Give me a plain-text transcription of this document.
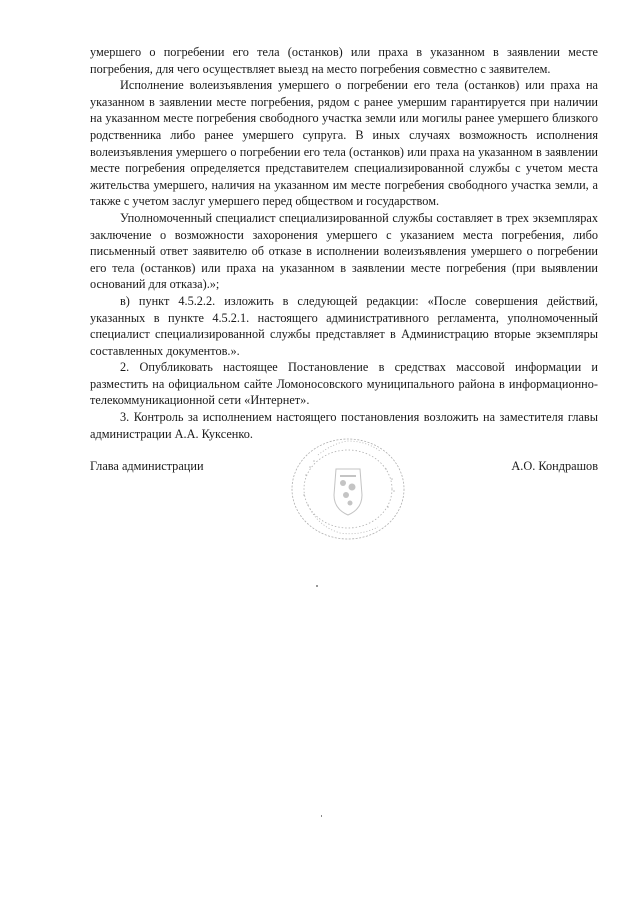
умершего о погребении его тела (останков) или праха в указанном в заявлении месте погребения, для чего осуществляет выезд на место погребения совместно с заявителем.

Исполнение волеизъявления умершего о погребении его тела (останков) или праха на указанном в заявлении месте погребения, рядом с ранее умершим гарантируется при наличии на указанном месте погребения свободного участка земли или могилы ранее умершего близкого родственника либо ранее умершего супруга. В иных случаях возможность исполнения волеизъявления умершего о погребении его тела (останков) или праха на указанном в заявлении месте погребения определяется представителем специализированной службы с учетом места жительства умершего, наличия на указанном им месте погребения свободного участка земли, а также с учетом заслуг умершего перед обществом и государством.

Уполномоченный специалист специализированной службы составляет в трех экземплярах заключение о возможности захоронения умершего с указанием места погребения, либо письменный ответ заявителю об отказе в исполнении волеизъявления умершего о погребении его тела (останков) или праха на указанном в заявлении месте погребения (при выявлении оснований для отказа).»;

в) пункт 4.5.2.2. изложить в следующей редакции: «После совершения действий, указанных в пункте 4.5.2.1. настоящего административного регламента, уполномоченный специалист специализированной службы представляет в Администрацию вторые экземпляры составленных документов.».

2. Опубликовать настоящее Постановление в средствах массовой информации и разместить на официальном сайте Ломоносовского муниципального района в информационно-телекоммуникационной сети «Интернет».

3. Контроль за исполнением настоящего постановления возложить на заместителя главы администрации А.А. Куксенко.

Глава администрации	А.О. Кондрашов
